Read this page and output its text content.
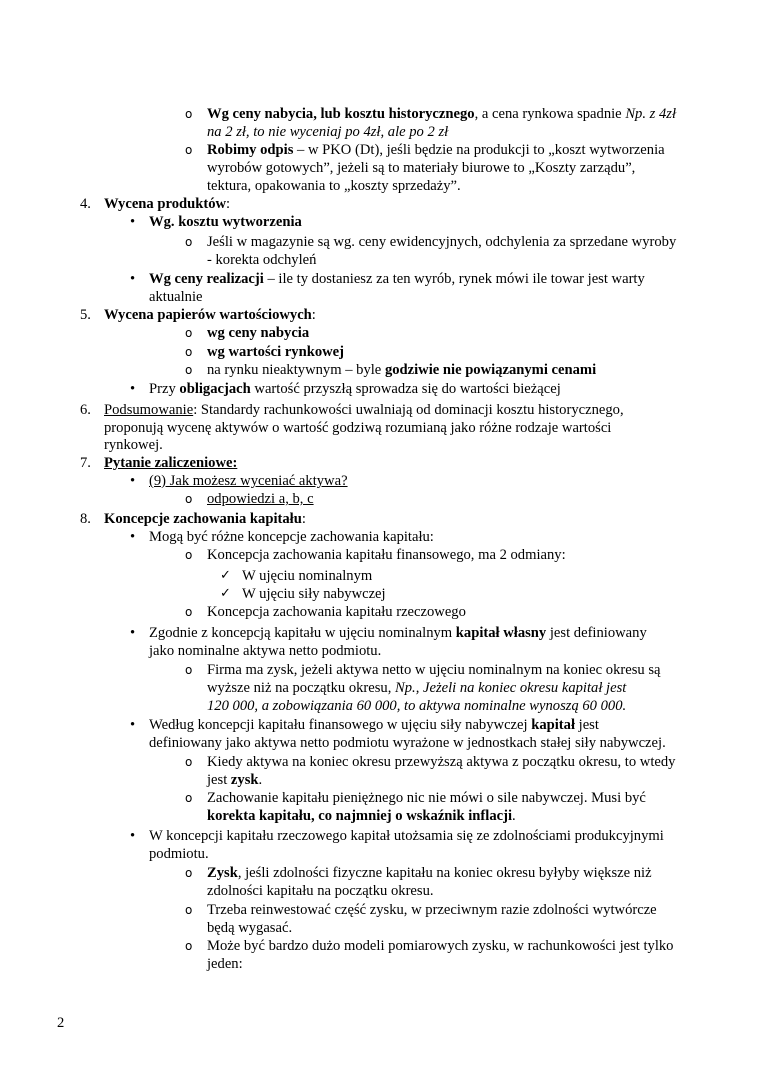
o Wg ceny nabycia, lub kosztu historycznego, a cena rynkowa spadnie Np. z 4zł
na 2 zł, to nie wyceniaj po 4zł, ale po 2 zł
o Robimy odpis – w PKO (Dt), jeśli będzie na produkcji to „koszt wytworzenia
wyrobów gotowych”, jeżeli są to materiały biurowe to „Koszty zarządu”,
tektura, opakowania to „koszty sprzedaży”.
4. Wycena produktów:
• Wg. kosztu wytworzenia
o Jeśli w magazynie są wg. ceny ewidencyjnych, odchylenia za sprzedane wyroby
- korekta odchyleń
• Wg ceny realizacji – ile ty dostaniesz za ten wyrób, rynek mówi ile towar jest warty
aktualnie
5. Wycena papierów wartościowych:
o wg ceny nabycia
o wg wartości rynkowej
o na rynku nieaktywnym – byle godziwie nie powiązanymi cenami
• Przy obligacjach wartość przyszłą sprowadza się do wartości bieżącej
6. Podsumowanie: Standardy rachunkowości uwalniają od dominacji kosztu historycznego,
proponują wycenę aktywów o wartość godziwą rozumianą jako różne rodzaje wartości
rynkowej.
7. Pytanie zaliczeniowe:
• (9) Jak możesz wyceniać aktywa?
o odpowiedzi a, b, c
8. Koncepcje zachowania kapitału:
• Mogą być różne koncepcje zachowania kapitału:
o Koncepcja zachowania kapitału finansowego, ma 2 odmiany:
✓ W ujęciu nominalnym
✓ W ujęciu siły nabywczej
o Koncepcja zachowania kapitału rzeczowego
• Zgodnie z koncepcją kapitału w ujęciu nominalnym kapitał własny jest definiowany
jako nominalne aktywa netto podmiotu.
o Firma ma zysk, jeżeli aktywa netto w ujęciu nominalnym na koniec okresu są
wyższe niż na początku okresu, Np., Jeżeli na koniec okresu kapitał jest
120 000, a zobowiązania 60 000, to aktywa nominalne wynoszą 60 000.
• Według koncepcji kapitału finansowego w ujęciu siły nabywczej kapitał jest
definiowany jako aktywa netto podmiotu wyrażone w jednostkach stałej siły nabywczej.
o Kiedy aktywa na koniec okresu przewyższą aktywa z początku okresu, to wtedy
jest zysk.
o Zachowanie kapitału pieniężnego nic nie mówi o sile nabywczej. Musi być
korekta kapitału, co najmniej o wskaźnik inflacji.
• W koncepcji kapitału rzeczowego kapitał utożsamia się ze zdolnościami produkcyjnymi
podmiotu.
o Zysk, jeśli zdolności fizyczne kapitału na koniec okresu byłyby większe niż
zdolności kapitału na początku okresu.
o Trzeba reinwestować część zysku, w przeciwnym razie zdolności wytwórcze
będą wygasać.
o Może być bardzo dużo modeli pomiarowych zysku, w rachunkowości jest tylko
jeden:
2
